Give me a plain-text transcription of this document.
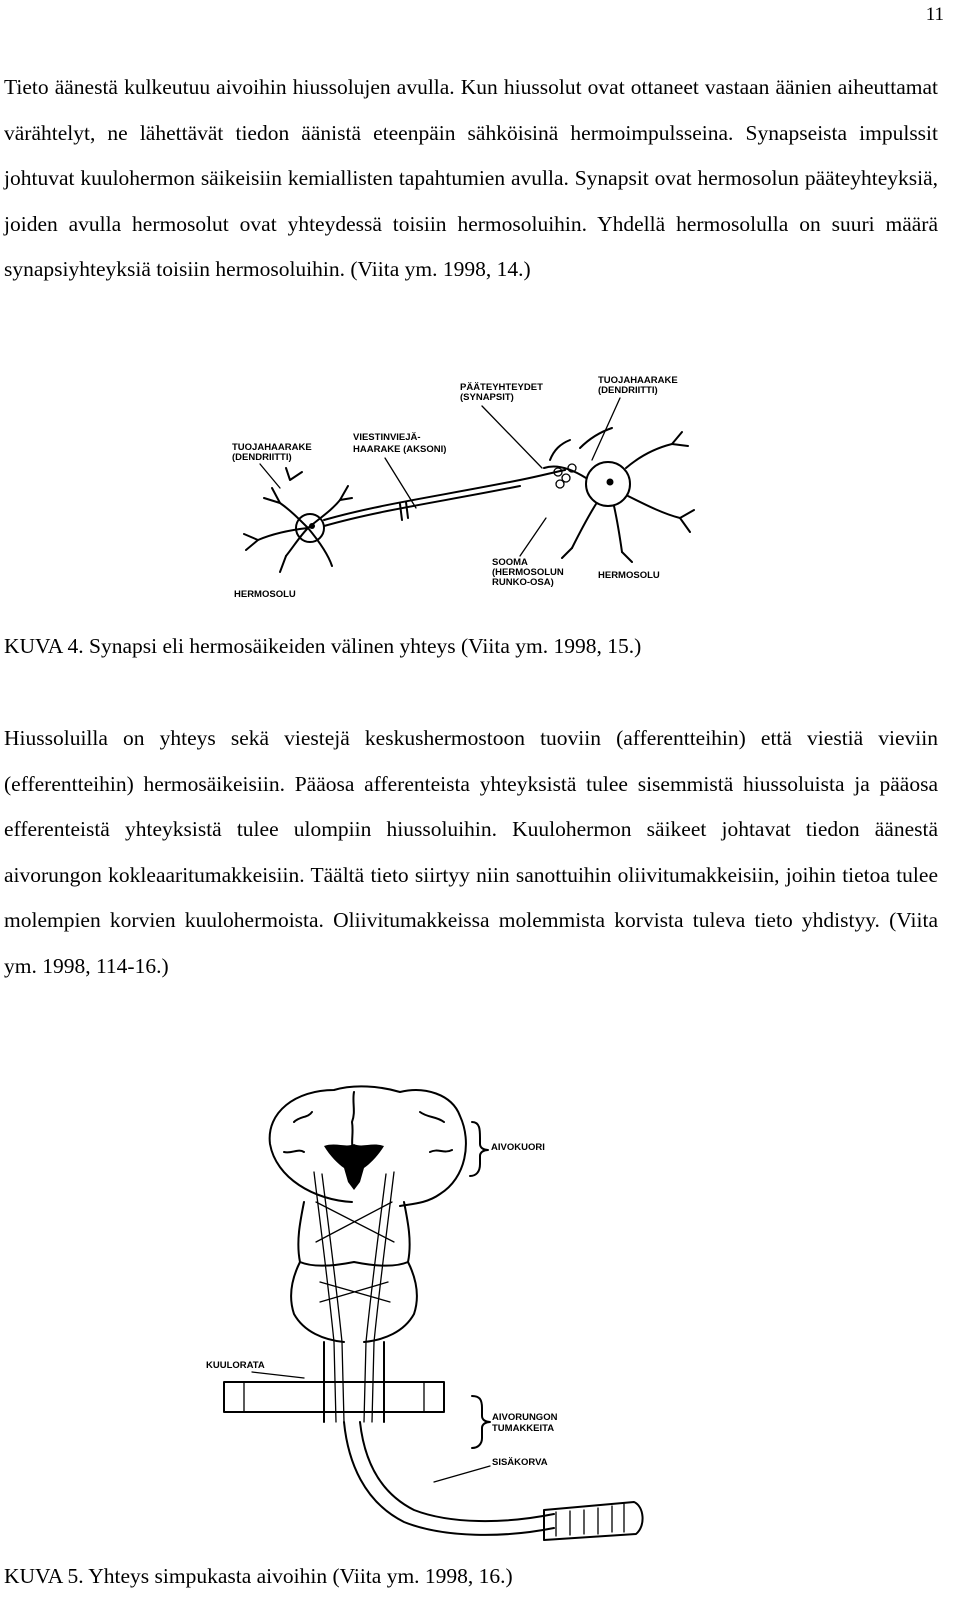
11

Tieto äänestä kulkeutuu aivoihin hiussolujen avulla. Kun hiussolut ovat ottaneet vastaan äänien aiheuttamat värähtelyt, ne lähettävät tiedon äänistä eteenpäin sähköisinä hermoimpulsseina. Synapseista impulssit johtuvat kuulohermon säikeisiin kemiallisten tapahtumien avulla. Synapsit ovat hermosolun pääteyhteyksiä, joiden avulla hermosolut ovat yhteydessä toisiin hermosoluihin. Yhdellä hermosolulla on suuri määrä synapsiyhteyksiä toisiin hermosoluihin. (Viita ym. 1998, 14.)

PÄÄTEYHTEYDET
(SYNAPSIT)
TUOJAHAARAKE
(DENDRIITTI)
TUOJAHAARAKE
(DENDRIITTI)
VIESTINVIEJÄ-
HAARAKE (AKSONI)
SOOMA
(HERMOSOLUN
RUNKO-OSA)
HERMOSOLU
HERMOSOLU
KUVA 4. Synapsi eli hermosäikeiden välinen yhteys (Viita ym. 1998, 15.)

Hiussoluilla on yhteys sekä viestejä keskushermostoon tuoviin (afferentteihin) että viestiä vieviin (efferentteihin) hermosäikeisiin. Pääosa afferenteista yhteyksistä tulee sisemmistä hiussoluista ja pääosa efferenteistä yhteyksistä tulee ulompiin hiussoluihin. Kuulohermon säikeet johtavat tiedon äänestä aivorungon kokleaaritumakkeisiin. Täältä tieto siirtyy niin sanottuihin oliivitumakkeisiin, joihin tietoa tulee molempien korvien kuulohermoista. Oliivitumakkeissa molemmista korvista tuleva tieto yhdistyy. (Viita ym. 1998, 114-16.)

AIVOKUORI
KUULORATA
AIVORUNGON
TUMAKKEITA
SISÄKORVA
KUVA 5. Yhteys simpukasta aivoihin (Viita ym. 1998, 16.)
